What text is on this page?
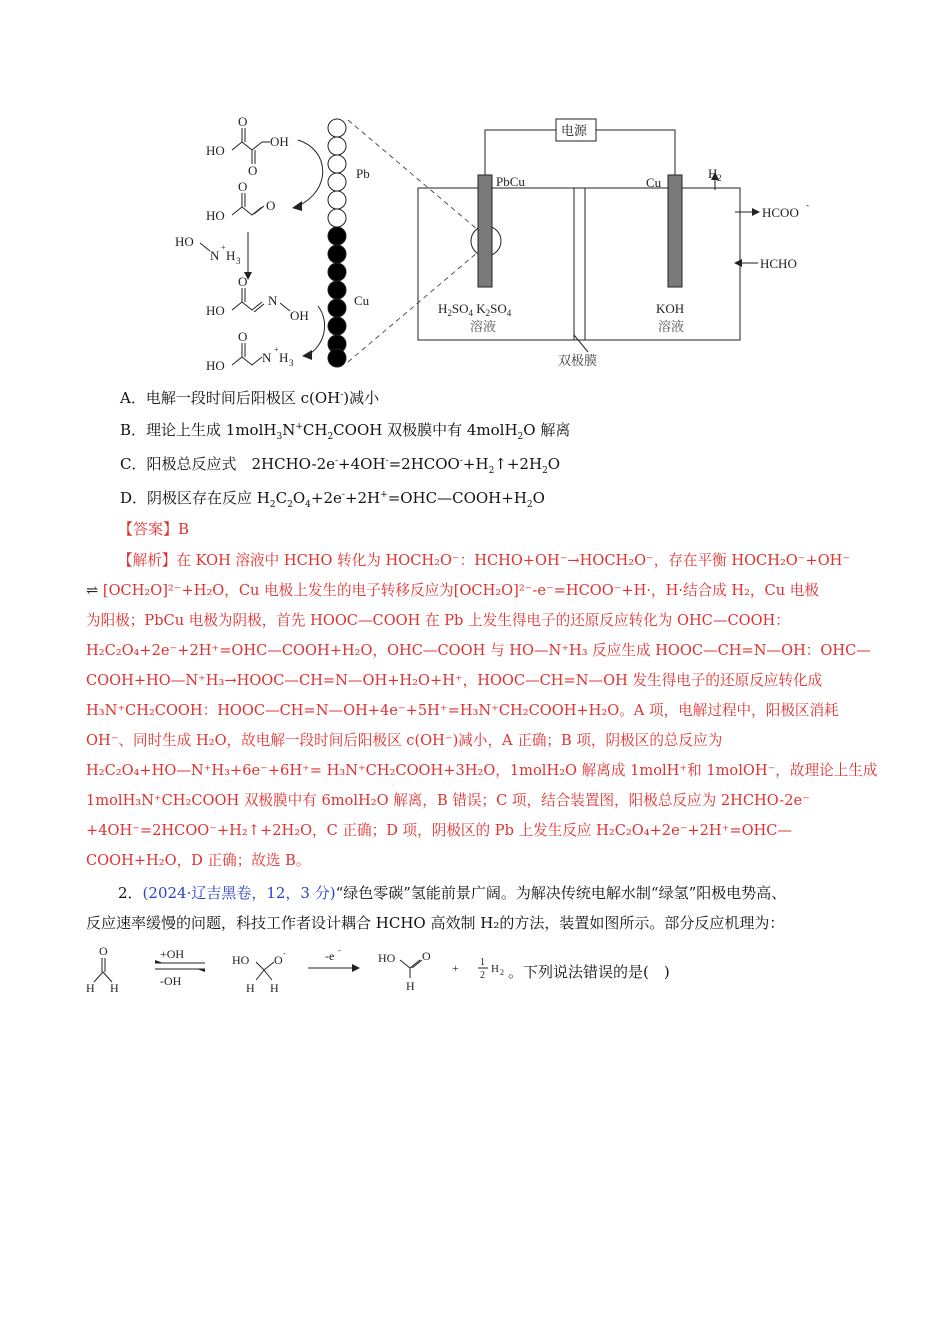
HO
O
O
OH
HO
O
O
HO
N
+
H 3
HO
O
N
OH
HO
O
N
+
H 3
Pb
Cu
电源
PbCu	Cu
H 2
HCOO -
HCHO
$H_2SO_4$ $K_2SO_4$
溶液
KOH
溶液
双极膜
A．电解一段时间后阳极区 c(OH-)减小
B．理论上生成 $1molH_3N^+CH_2COOH$ 双极膜中有 4molH$_2$O 解离
C．阳极总反应式　$2HCHO-2e^-+4OH^-=2HCOO^-+H_2↑+2H_2O$
D．阴极区存在反应 $H_2C_2O_4+2e^-+2H^+=OHC—COOH+H_2O$
【答案】B
【解析】在 KOH 溶液中 HCHO 转化为 HOCH₂O⁻：HCHO+OH⁻→HOCH₂O⁻，存在平衡 HOCH₂O⁻+OH⁻
⇌ [OCH₂O]²⁻+H₂O，Cu 电极上发生的电子转移反应为[OCH₂O]²⁻-e⁻=HCOO⁻+H·，H·结合成 H₂，Cu 电极
为阳极；PbCu 电极为阴极，首先 HOOC—COOH 在 Pb 上发生得电子的还原反应转化为 OHC—COOH：
H₂C₂O₄+2e⁻+2H⁺=OHC—COOH+H₂O，OHC—COOH 与 HO—N⁺H₃ 反应生成 HOOC—CH=N—OH：OHC—
COOH+HO—N⁺H₃→HOOC—CH=N—OH+H₂O+H⁺，HOOC—CH=N—OH 发生得电子的还原反应转化成
H₃N⁺CH₂COOH：HOOC—CH=N—OH+4e⁻+5H⁺=H₃N⁺CH₂COOH+H₂O。A 项，电解过程中，阳极区消耗
OH⁻、同时生成 H₂O，故电解一段时间后阳极区 c(OH⁻)减小，A 正确；B 项，阴极区的总反应为
H₂C₂O₄+HO—N⁺H₃+6e⁻+6H⁺= H₃N⁺CH₂COOH+3H₂O，1molH₂O 解离成 1molH⁺和 1molOH⁻，故理论上生成
1molH₃N⁺CH₂COOH 双极膜中有 6molH₂O 解离，B 错误；C 项，结合装置图，阳极总反应为 2HCHO-2e⁻
+4OH⁻=2HCOO⁻+H₂↑+2H₂O，C 正确；D 项，阴极区的 Pb 上发生反应 H₂C₂O₄+2e⁻+2H⁺=OHC—
COOH+H₂O，D 正确；故选 B。
2．(2024·辽吉黑卷，12，3 分)“绿色零碳”氢能前景广阔。为解决传统电解水制“绿氢”阳极电势高、
反应速率缓慢的问题，科技工作者设计耦合 HCHO 高效制 H₂的方法，装置如图所示。部分反应机理为：
O
H H
+OH
-OH
HO O -
H H
-e -
HO O
H
+ 1
2
H 2 。下列说法错误的是(　)
